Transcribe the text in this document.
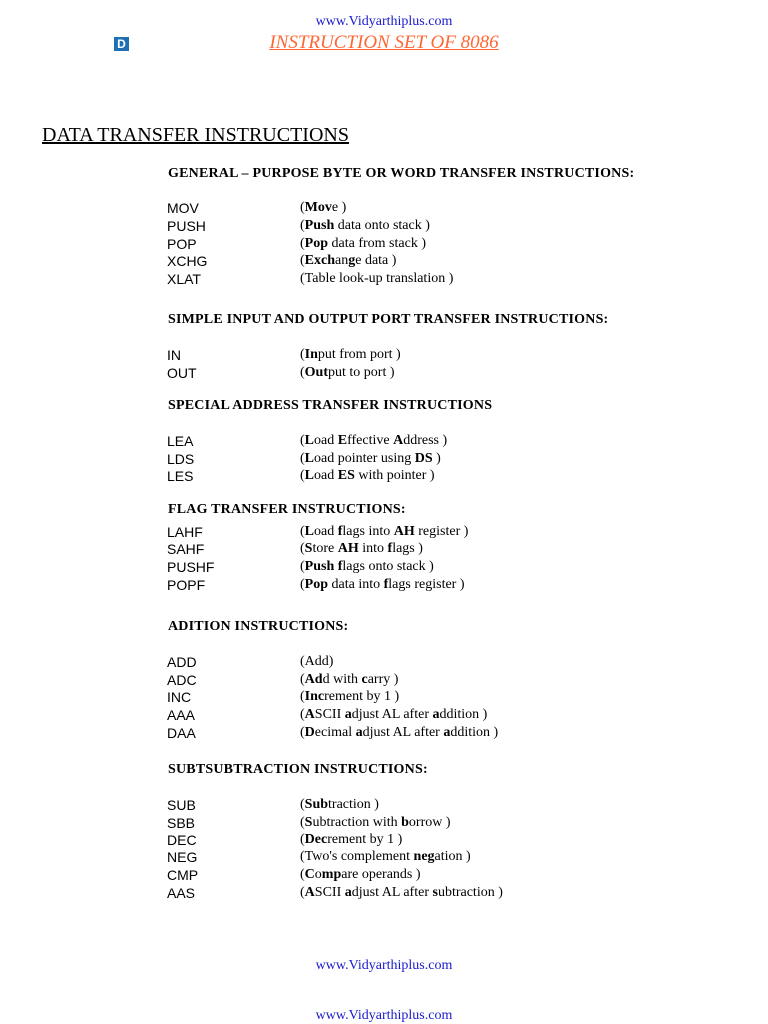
www.Vidyarthiplus.com
D	INSTRUCTION SET OF 8086
DATA TRANSFER INSTRUCTIONS
GENERAL – PURPOSE BYTE OR WORD TRANSFER INSTRUCTIONS:
MOV	(Move )
PUSH	(Push data onto stack )
POP	(Pop data from stack )
XCHG	(Exchange data )
XLAT	(Table look-up translation )
SIMPLE INPUT AND OUTPUT PORT TRANSFER INSTRUCTIONS:
IN	(Input from port )
OUT	(Output to port )
SPECIAL ADDRESS TRANSFER INSTRUCTIONS
LEA	(Load Effective Address )
LDS	(Load pointer using DS )
LES	(Load ES with pointer )
FLAG TRANSFER INSTRUCTIONS:
LAHF	(Load flags into AH register )
SAHF	(Store AH into flags )
PUSHF	(Push flags onto stack )
POPF	(Pop data into flags register )
ADITION INSTRUCTIONS:
ADD	(Add)
ADC	(Add with carry )
INC	(Increment by 1 )
AAA	(ASCII adjust AL after addition )
DAA	(Decimal adjust AL after addition )
SUBTSUBTRACTION INSTRUCTIONS:
SUB	(Subtraction )
SBB	(Subtraction with borrow )
DEC	(Decrement by 1 )
NEG	(Two's complement negation )
CMP	(Compare operands )
AAS	(ASCII adjust AL after subtraction )
www.Vidyarthiplus.com
www.Vidyarthiplus.com
